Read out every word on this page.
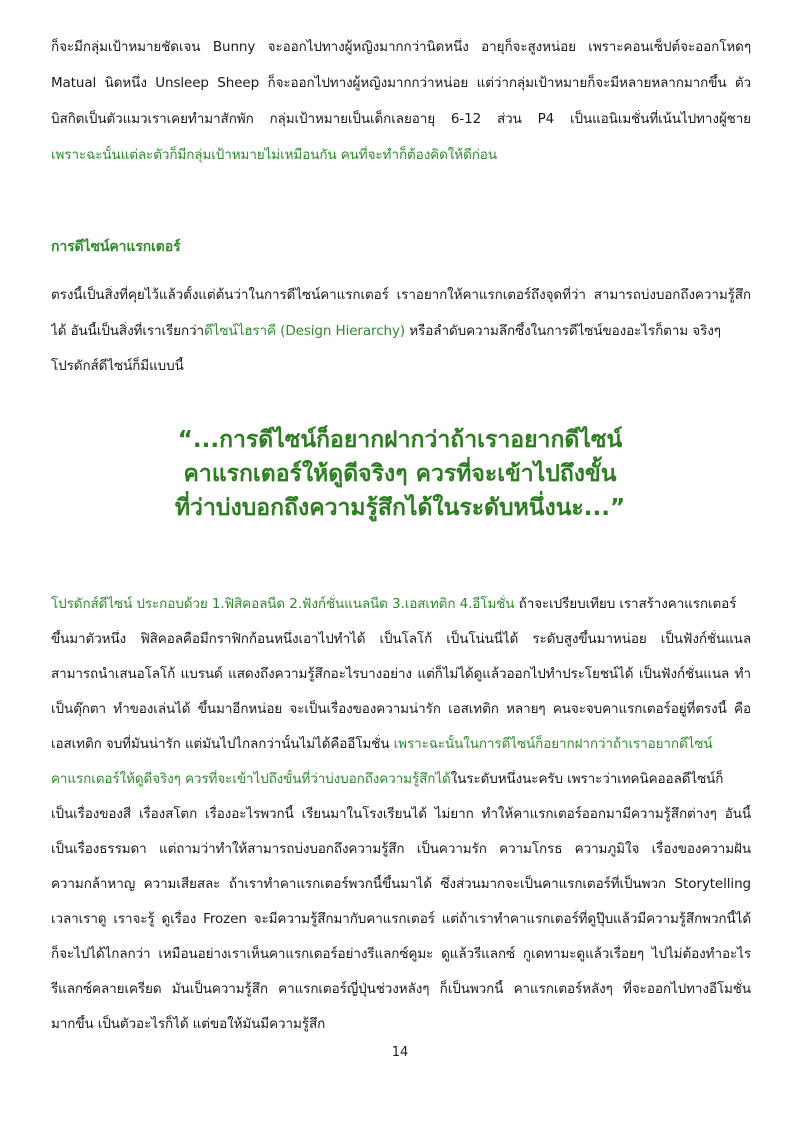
ก็จะมีกลุ่มเป้าหมายชัดเจน Bunny จะออกไปทางผู้หญิงมากกว่านิดหนึ่ง อายุก็จะสูงหน่อย เพราะคอนเซ็ปต์จะออกโหดๆ
Matual นิดหนึ่ง Unsleep Sheep ก็จะออกไปทางผู้หญิงมากกว่าหน่อย แต่ว่ากลุ่มเป้าหมายก็จะมีหลายหลากมากขึ้น ตัว
บิสกิตเป็นตัวแมวเราเคยทำมาสักพัก กลุ่มเป้าหมายเป็นเด็กเลยอายุ 6-12 ส่วน P4 เป็นแอนิเมชั่นที่เน้นไปทางผู้ชาย
เพราะฉะนั้นแต่ละตัวก็มีกลุ่มเป้าหมายไม่เหมือนกัน คนที่จะทำก็ต้องคิดให้ดีก่อน
การดีไซน์คาแรกเตอร์
ตรงนี้เป็นสิ่งที่คุยไว้แล้วตั้งแต่ต้นว่าในการดีไซน์คาแรกเตอร์ เราอยากให้คาแรกเตอร์ถึงจุดที่ว่า สามารถบ่งบอกถึงความรู้สึก
ได้ อันนี้เป็นสิ่งที่เราเรียกว่าดีไซน์ไฮราคี (Design Hierarchy) หรือลำดับความลึกซึ้งในการดีไซน์ของอะไรก็ตาม จริงๆ
โปรดักส์ดีไซน์ก็มีแบบนี้
“...การดีไซน์ก็อยากฝากว่าถ้าเราอยากดีไซน์
คาแรกเตอร์ให้ดูดีจริงๆ ควรที่จะเข้าไปถึงขั้น
ที่ว่าบ่งบอกถึงความรู้สึกได้ในระดับหนึ่งนะ...”
โปรดักส์ดีไซน์ ประกอบด้วย 1.ฟิสิคอลนีด 2.ฟังก์ชั่นแนลนีด 3.เอสเทติก 4.อีโมชั่น ถ้าจะเปรียบเทียบ เราสร้างคาแรกเตอร์
ขึ้นมาตัวหนึ่ง ฟิสิคอลคือมีกราฟิกก้อนหนึ่งเอาไปทำได้ เป็นโลโก้ เป็นโน่นนี่ได้ ระดับสูงขึ้นมาหน่อย เป็นฟังก์ชั่นแนล
สามารถนำเสนอโลโก้ แบรนด์ แสดงถึงความรู้สึกอะไรบางอย่าง แต่ก็ไม่ได้ดูแล้วออกไปทำประโยชน์ได้ เป็นฟังก์ชั่นแนล ทำ
เป็นตุ๊กตา ทำของเล่นได้ ขึ้นมาอีกหน่อย จะเป็นเรื่องของความน่ารัก เอสเทติก หลายๆ คนจะจบคาแรกเตอร์อยู่ที่ตรงนี้ คือ
เอสเทติก จบที่มันน่ารัก แต่มันไปไกลกว่านั้นไม่ได้คืออีโมชั่น เพราะฉะนั้นในการดีไซน์ก็อยากฝากว่าถ้าเราอยากดีไซน์
คาแรกเตอร์ให้ดูดีจริงๆ ควรที่จะเข้าไปถึงขั้นที่ว่าบ่งบอกถึงความรู้สึกได้ในระดับหนึ่งนะครับ เพราะว่าเทคนิคออลดีไซน์ก็
เป็นเรื่องของสี เรื่องสโตก เรื่องอะไรพวกนี้ เรียนมาในโรงเรียนได้ ไม่ยาก ทำให้คาแรกเตอร์ออกมามีความรู้สึกต่างๆ อันนี้
เป็นเรื่องธรรมดา แต่ถามว่าทำให้สามารถบ่งบอกถึงความรู้สึก เป็นความรัก ความโกรธ ความภูมิใจ เรื่องของความฝัน
ความกล้าหาญ ความเสียสละ ถ้าเราทำคาแรกเตอร์พวกนี้ขึ้นมาได้ ซึ่งส่วนมากจะเป็นคาแรกเตอร์ที่เป็นพวก Storytelling
เวลาเราดู เราจะรู้ ดูเรื่อง Frozen จะมีความรู้สึกมากับคาแรกเตอร์ แต่ถ้าเราทำคาแรกเตอร์ที่ดูปุ๊บแล้วมีความรู้สึกพวกนี้ได้
ก็จะไปได้ไกลกว่า เหมือนอย่างเราเห็นคาแรกเตอร์อย่างรีแลกซ์คูมะ ดูแล้วรีแลกซ์ กูเดทามะดูแล้วเรื่อยๆ ไปไม่ต้องทำอะไร
รีแลกซ์คลายเครียด มันเป็นความรู้สึก คาแรกเตอร์ญี่ปุ่นช่วงหลังๆ ก็เป็นพวกนี้ คาแรกเตอร์หลังๆ ที่จะออกไปทางอีโมชั่น
มากขึ้น เป็นตัวอะไรก็ได้ แต่ขอให้มันมีความรู้สึก
14
